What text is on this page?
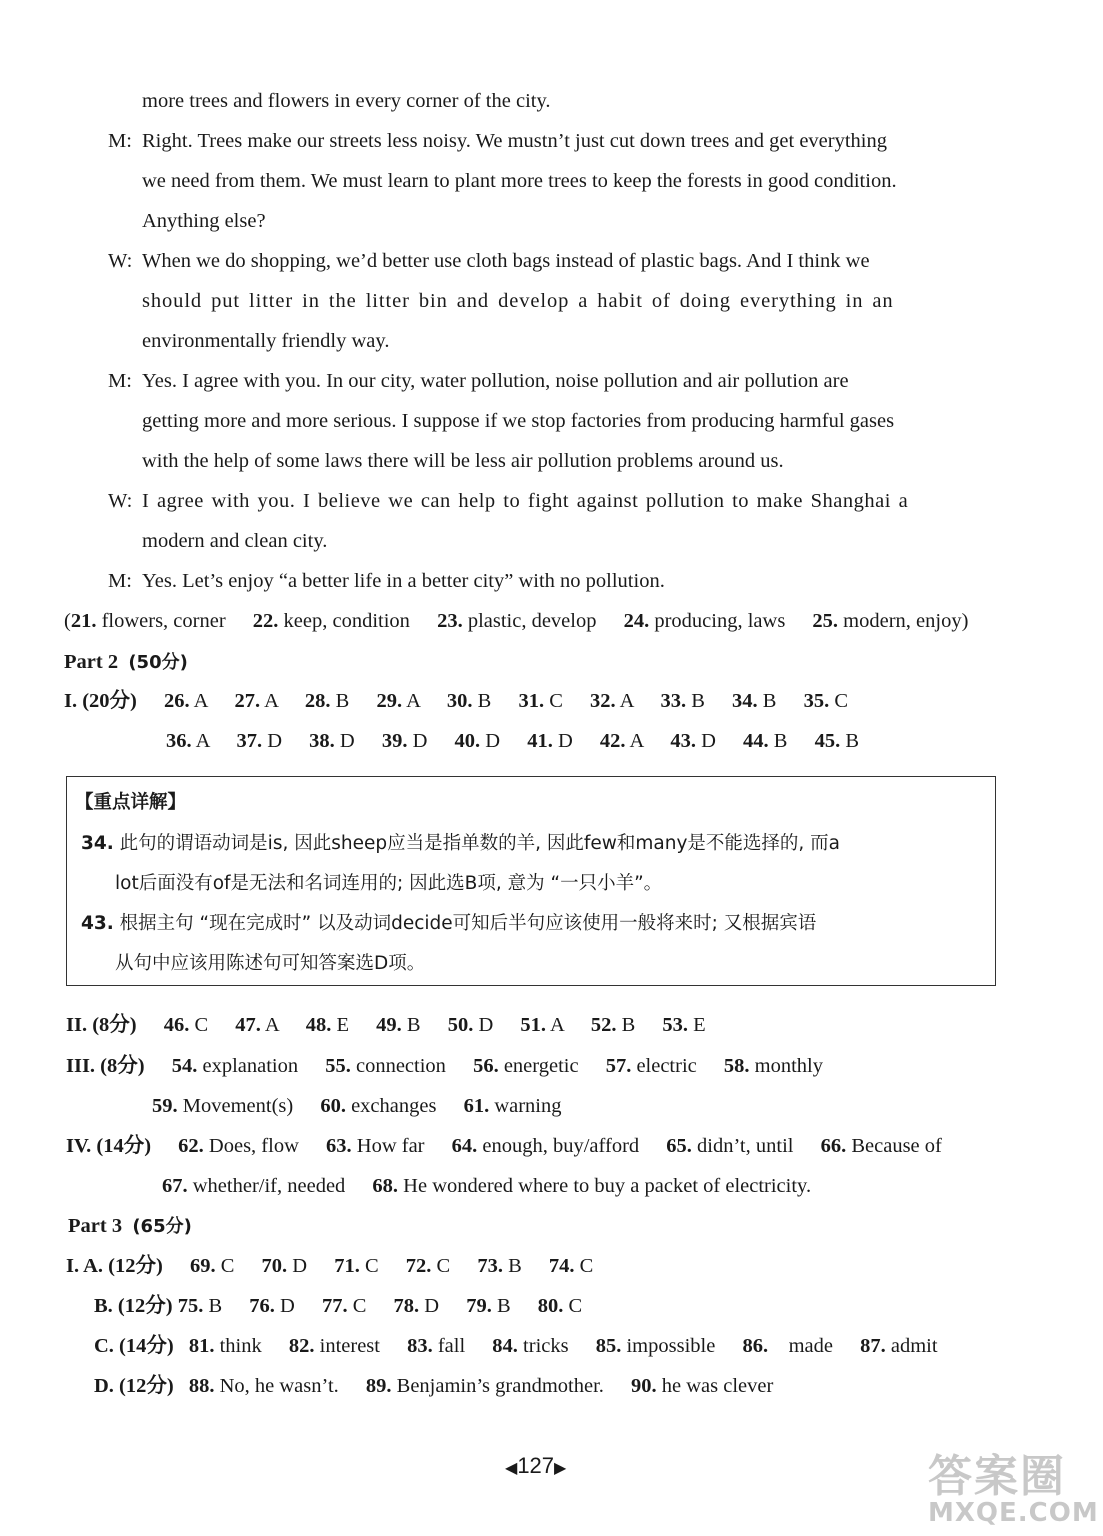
more trees and flowers in every corner of the city.
M: Right. Trees make our streets less noisy. We mustn’t just cut down trees and get everything
we need from them. We must learn to plant more trees to keep the forests in good condition.
Anything else?
W: When we do shopping, we’d better use cloth bags instead of plastic bags. And I think we
should put litter in the litter bin and develop a habit of doing everything in an
environmentally friendly way.
M: Yes. I agree with you. In our city, water pollution, noise pollution and air pollution are
getting more and more serious. I suppose if we stop factories from producing harmful gases
with the help of some laws there will be less air pollution problems around us.
W: I agree with you. I believe we can help to fight against pollution to make Shanghai a
modern and clean city.
M: Yes. Let’s enjoy “a better life in a better city” with no pollution.
(21. flowers, corner 22. keep, condition 23. plastic, develop 24. producing, laws 25. modern, enjoy)
Part 2 (50分)
I. (20分) 26. A 27. A 28. B 29. A 30. B 31. C 32. A 33. B 34. B 35. C
36. A 37. D 38. D 39. D 40. D 41. D 42. A 43. D 44. B 45. B
【重点详解】
34. 此句的谓语动词是is, 因此sheep应当是指单数的羊, 因此few和many是不能选择的, 而a
lot后面没有of是无法和名词连用的; 因此选B项, 意为 “一只小羊”。
43. 根据主句 “现在完成时” 以及动词decide可知后半句应该使用一般将来时; 又根据宾语
从句中应该用陈述句可知答案选D项。
II. (8分) 46. C 47. A 48. E 49. B 50. D 51. A 52. B 53. E
III. (8分) 54. explanation 55. connection 56. energetic 57. electric 58. monthly
59. Movement(s) 60. exchanges 61. warning
IV. (14分) 62. Does, flow 63. How far 64. enough, buy/afford 65. didn’t, until 66. Because of
67. whether/if, needed 68. He wondered where to buy a packet of electricity.
Part 3 (65分)
I. A. (12分) 69. C 70. D 71. C 72. C 73. B 74. C
B. (12分) 75. B 76. D 77. C 78. D 79. B 80. C
C. (14分) 81. think 82. interest 83. fall 84. tricks 85. impossible 86. made 87. admit
D. (12分) 88. No, he wasn’t. 89. Benjamin’s grandmother. 90. he was clever
◀127▶	答案圈
MXQE.COM
